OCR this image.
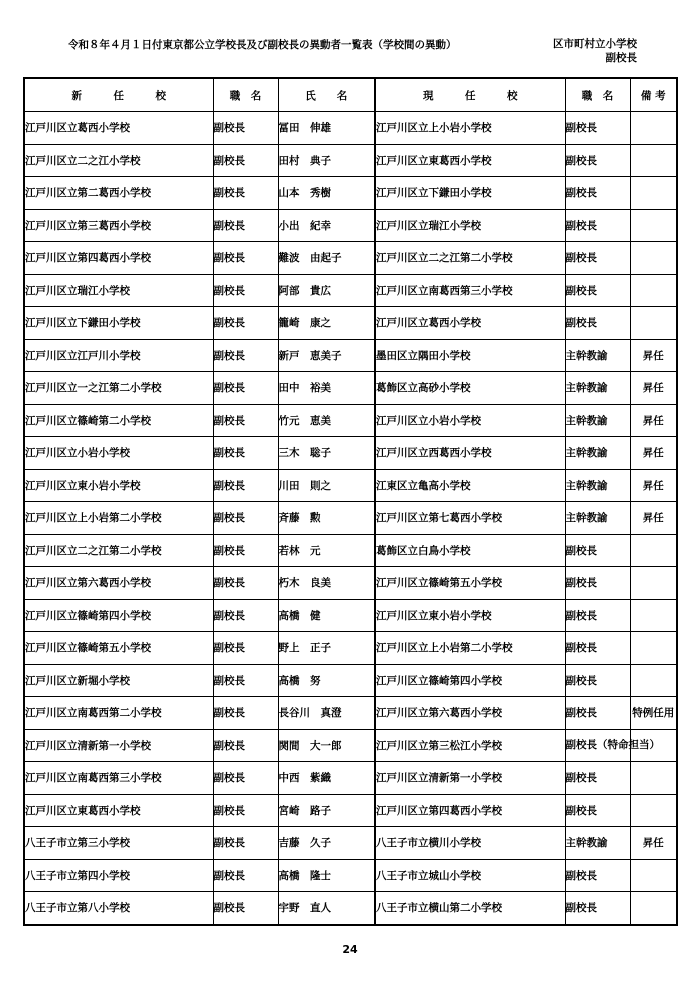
令和８年４月１日付東京都公立学校長及び副校長の異動者一覧表（学校間の異動）	区市町村立小学校
副校長
新　　　任　　　校	職　名	氏　　名	現　　　任　　　校	職　名	備 考
江戸川区立葛西小学校	副校長	冨田　伸雄	江戸川区立上小岩小学校	副校長	
江戸川区立二之江小学校	副校長	田村　典子	江戸川区立東葛西小学校	副校長	
江戸川区立第二葛西小学校	副校長	山本　秀樹	江戸川区立下鎌田小学校	副校長	
江戸川区立第三葛西小学校	副校長	小出　紀幸	江戸川区立瑞江小学校	副校長	
江戸川区立第四葛西小学校	副校長	難波　由起子	江戸川区立二之江第二小学校	副校長	
江戸川区立瑞江小学校	副校長	阿部　貴広	江戸川区立南葛西第三小学校	副校長	
江戸川区立下鎌田小学校	副校長	籠崎　康之	江戸川区立葛西小学校	副校長	
江戸川区立江戸川小学校	副校長	新戸　恵美子	墨田区立隅田小学校	主幹教諭	昇任
江戸川区立一之江第二小学校	副校長	田中　裕美	葛飾区立高砂小学校	主幹教諭	昇任
江戸川区立篠崎第二小学校	副校長	竹元　恵美	江戸川区立小岩小学校	主幹教諭	昇任
江戸川区立小岩小学校	副校長	三木　聡子	江戸川区立西葛西小学校	主幹教諭	昇任
江戸川区立東小岩小学校	副校長	川田　則之	江東区立亀高小学校	主幹教諭	昇任
江戸川区立上小岩第二小学校	副校長	斉藤　勲	江戸川区立第七葛西小学校	主幹教諭	昇任
江戸川区立二之江第二小学校	副校長	若林　元	葛飾区立白鳥小学校	副校長	
江戸川区立第六葛西小学校	副校長	朽木　良美	江戸川区立篠崎第五小学校	副校長	
江戸川区立篠崎第四小学校	副校長	高橋　健	江戸川区立東小岩小学校	副校長	
江戸川区立篠崎第五小学校	副校長	野上　正子	江戸川区立上小岩第二小学校	副校長	
江戸川区立新堀小学校	副校長	高橋　努	江戸川区立篠崎第四小学校	副校長	
江戸川区立南葛西第二小学校	副校長	長谷川　真澄	江戸川区立第六葛西小学校	副校長	特例任用
江戸川区立清新第一小学校	副校長	関間　大一郎	江戸川区立第三松江小学校	副校長（特命担当）	
江戸川区立南葛西第三小学校	副校長	中西　紫織	江戸川区立清新第一小学校	副校長	
江戸川区立東葛西小学校	副校長	宮崎　路子	江戸川区立第四葛西小学校	副校長	
八王子市立第三小学校	副校長	吉藤　久子	八王子市立横川小学校	主幹教諭	昇任
八王子市立第四小学校	副校長	高橋　隆士	八王子市立城山小学校	副校長	
八王子市立第八小学校	副校長	宇野　直人	八王子市立横山第二小学校	副校長	
24
